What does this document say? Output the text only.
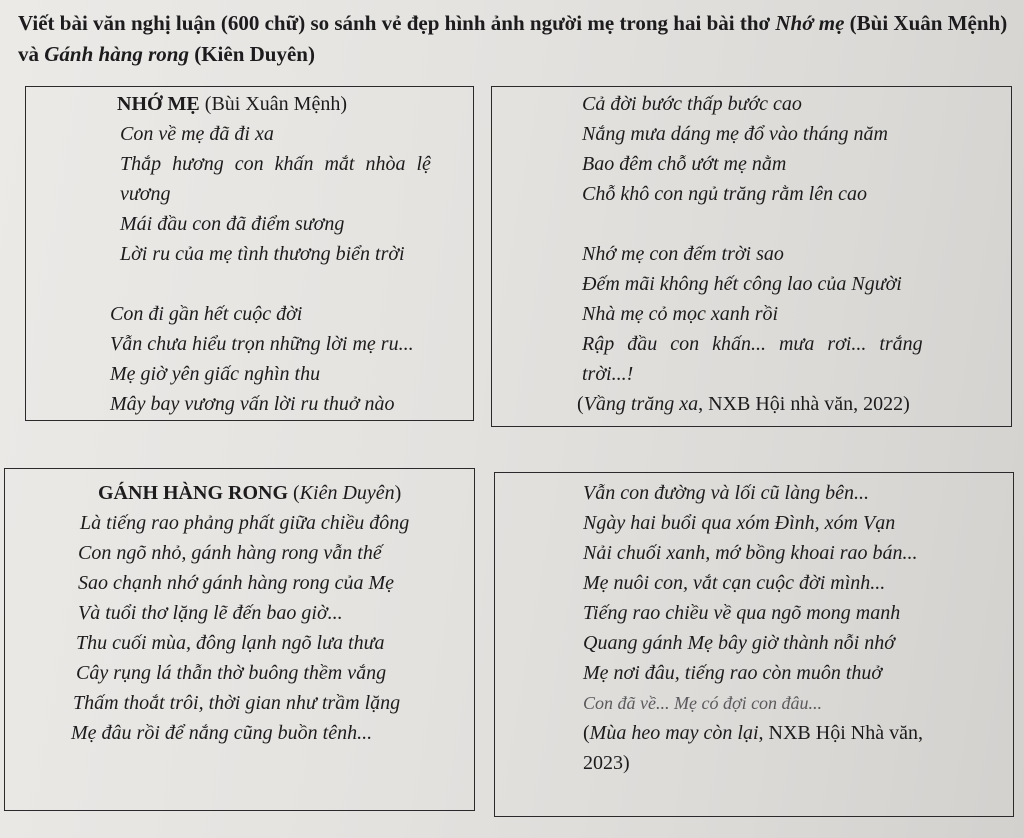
Viết bài văn nghị luận (600 chữ) so sánh vẻ đẹp hình ảnh người mẹ trong hai bài thơ Nhớ mẹ (Bùi Xuân Mệnh) và Gánh hàng rong (Kiên Duyên)
NHỚ MẸ (Bùi Xuân Mệnh)
Con về mẹ đã đi xa
Thắp hương con khấn mắt nhòa lệ
vương
Mái đầu con đã điểm sương
Lời ru của mẹ tình thương biển trời
Con đi gần hết cuộc đời
Vẫn chưa hiểu trọn những lời mẹ ru...
Mẹ giờ yên giấc nghìn thu
Mây bay vương vấn lời ru thuở nào
Cả đời bước thấp bước cao
Nắng mưa dáng mẹ đổ vào tháng năm
Bao đêm chỗ ướt mẹ nằm
Chỗ khô con ngủ trăng rằm lên cao
Nhớ mẹ con đếm trời sao
Đếm mãi không hết công lao của Người
Nhà mẹ cỏ mọc xanh rồi
Rập đầu con khấn... mưa rơi... trắng
trời...!
(Vầng trăng xa, NXB Hội nhà văn, 2022)
GÁNH HÀNG RONG (Kiên Duyên)
Là tiếng rao phảng phất giữa chiều đông
Con ngõ nhỏ, gánh hàng rong vẫn thế
Sao chạnh nhớ gánh hàng rong của Mẹ
Và tuổi thơ lặng lẽ đến bao giờ...
Thu cuối mùa, đông lạnh ngõ lưa thưa
Cây rụng lá thẫn thờ buông thềm vắng
Thấm thoắt trôi, thời gian như trầm lặng
Mẹ đâu rồi để nắng cũng buồn tênh...
Vẫn con đường và lối cũ làng bên...
Ngày hai buổi qua xóm Đình, xóm Vạn
Nải chuối xanh, mớ bồng khoai rao bán...
Mẹ nuôi con, vắt cạn cuộc đời mình...
Tiếng rao chiều về qua ngõ mong manh
Quang gánh Mẹ bây giờ thành nỗi nhớ
Mẹ nơi đâu, tiếng rao còn muôn thuở
Con đã về... Mẹ có đợi con đâu...
(Mùa heo may còn lại, NXB Hội Nhà văn,
2023)
